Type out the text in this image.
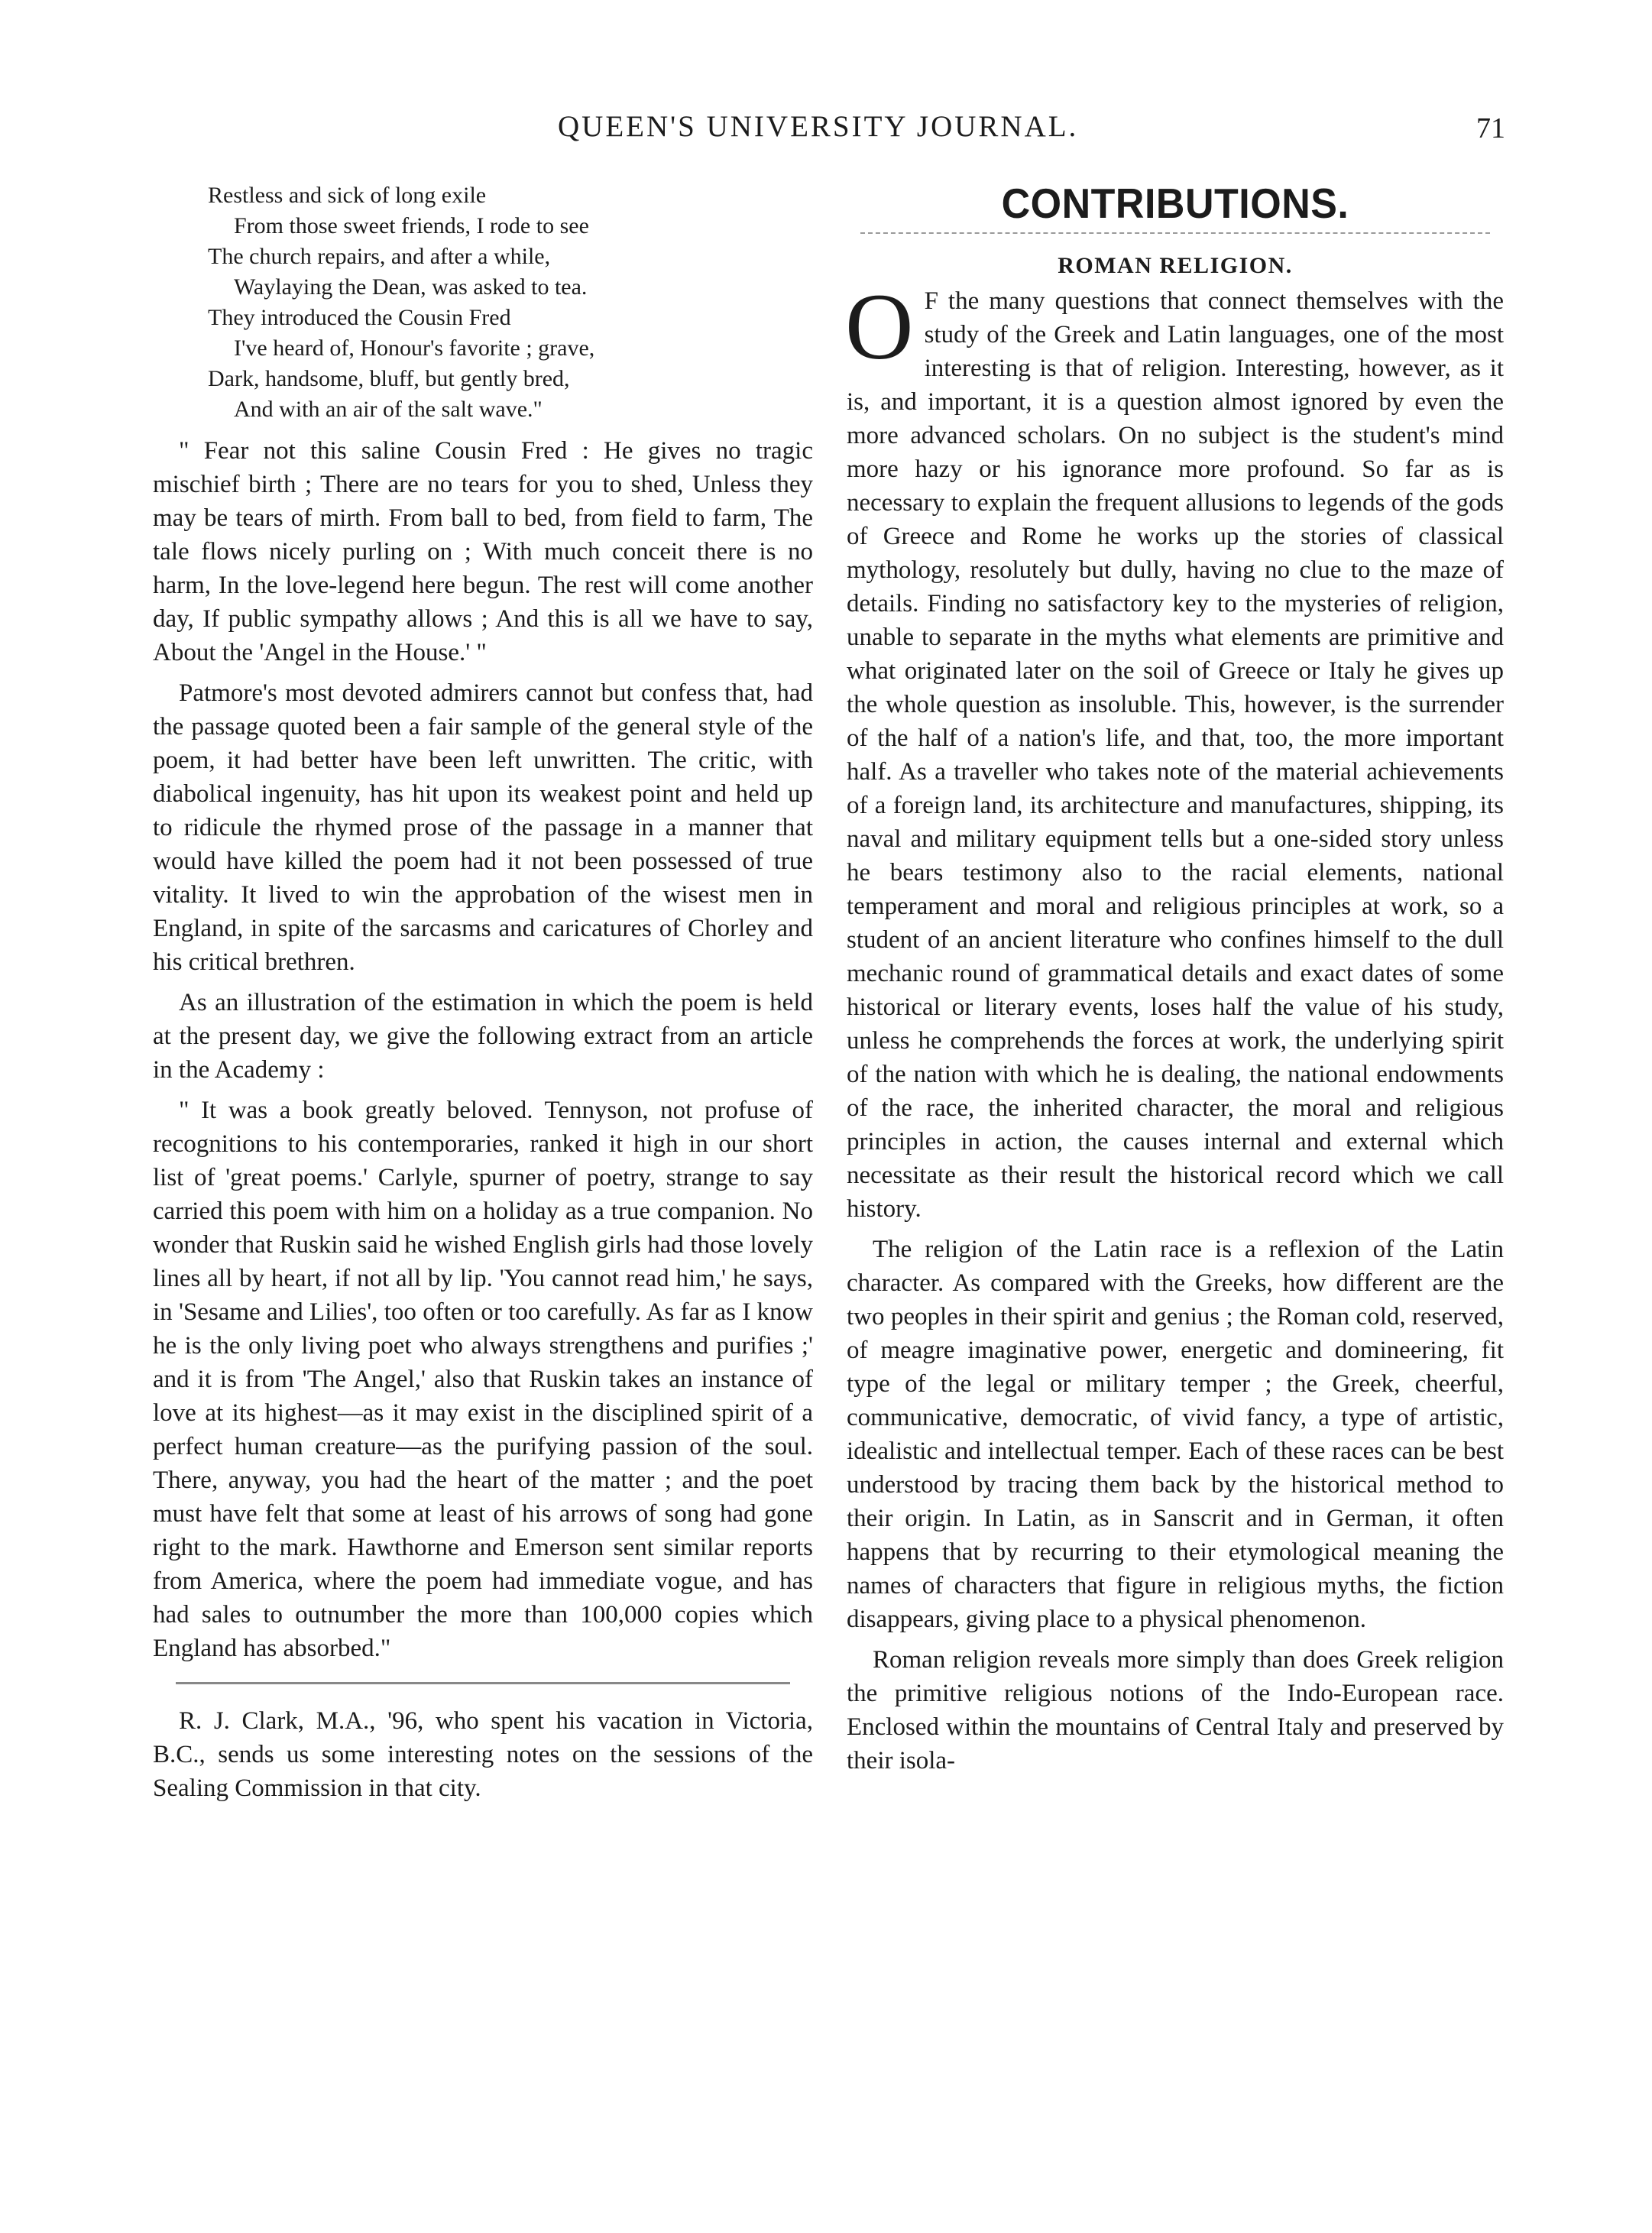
QUEEN'S UNIVERSITY JOURNAL.	71
Restless and sick of long exile
From those sweet friends, I rode to see
The church repairs, and after a while,
Waylaying the Dean, was asked to tea.
They introduced the Cousin Fred
I've heard of, Honour's favorite ; grave,
Dark, handsome, bluff, but gently bred,
And with an air of the salt wave."

" Fear not this saline Cousin Fred : He gives no tragic mischief birth ; There are no tears for you to shed, Unless they may be tears of mirth. From ball to bed, from field to farm, The tale flows nicely purling on ; With much conceit there is no harm, In the love-legend here begun. The rest will come another day, If public sympathy allows ; And this is all we have to say, About the 'Angel in the House.' "

Patmore's most devoted admirers cannot but confess that, had the passage quoted been a fair sample of the general style of the poem, it had better have been left unwritten. The critic, with diabolical ingenuity, has hit upon its weakest point and held up to ridicule the rhymed prose of the passage in a manner that would have killed the poem had it not been possessed of true vitality. It lived to win the approbation of the wisest men in England, in spite of the sarcasms and caricatures of Chorley and his critical brethren.

As an illustration of the estimation in which the poem is held at the present day, we give the following extract from an article in the Academy :

" It was a book greatly beloved. Tennyson, not profuse of recognitions to his contemporaries, ranked it high in our short list of 'great poems.' Carlyle, spurner of poetry, strange to say carried this poem with him on a holiday as a true companion. No wonder that Ruskin said he wished English girls had those lovely lines all by heart, if not all by lip. 'You cannot read him,' he says, in 'Sesame and Lilies', too often or too carefully. As far as I know he is the only living poet who always strengthens and purifies ;' and it is from 'The Angel,' also that Ruskin takes an instance of love at its highest—as it may exist in the disciplined spirit of a perfect human creature—as the purifying passion of the soul. There, anyway, you had the heart of the matter ; and the poet must have felt that some at least of his arrows of song had gone right to the mark. Hawthorne and Emerson sent similar reports from America, where the poem had immediate vogue, and has had sales to outnumber the more than 100,000 copies which England has absorbed."

R. J. Clark, M.A., '96, who spent his vacation in Victoria, B.C., sends us some interesting notes on the sessions of the Sealing Commission in that city.

CONTRIBUTIONS.
ROMAN RELIGION.

O F the many questions that connect themselves with the study of the Greek and Latin languages, one of the most interesting is that of religion. Interesting, however, as it is, and important, it is a question almost ignored by even the more advanced scholars. On no subject is the student's mind more hazy or his ignorance more profound. So far as is necessary to explain the frequent allusions to legends of the gods of Greece and Rome he works up the stories of classical mythology, resolutely but dully, having no clue to the maze of details. Finding no satisfactory key to the mysteries of religion, unable to separate in the myths what elements are primitive and what originated later on the soil of Greece or Italy he gives up the whole question as insoluble. This, however, is the surrender of the half of a nation's life, and that, too, the more important half. As a traveller who takes note of the material achievements of a foreign land, its architecture and manufactures, shipping, its naval and military equipment tells but a one-sided story unless he bears testimony also to the racial elements, national temperament and moral and religious principles at work, so a student of an ancient literature who confines himself to the dull mechanic round of grammatical details and exact dates of some historical or literary events, loses half the value of his study, unless he comprehends the forces at work, the underlying spirit of the nation with which he is dealing, the national endowments of the race, the inherited character, the moral and religious principles in action, the causes internal and external which necessitate as their result the historical record which we call history.

The religion of the Latin race is a reflexion of the Latin character. As compared with the Greeks, how different are the two peoples in their spirit and genius ; the Roman cold, reserved, of meagre imaginative power, energetic and domineering, fit type of the legal or military temper ; the Greek, cheerful, communicative, democratic, of vivid fancy, a type of artistic, idealistic and intellectual temper. Each of these races can be best understood by tracing them back by the historical method to their origin. In Latin, as in Sanscrit and in German, it often happens that by recurring to their etymological meaning the names of characters that figure in religious myths, the fiction disappears, giving place to a physical phenomenon.

Roman religion reveals more simply than does Greek religion the primitive religious notions of the Indo-European race. Enclosed within the mountains of Central Italy and preserved by their isola-
